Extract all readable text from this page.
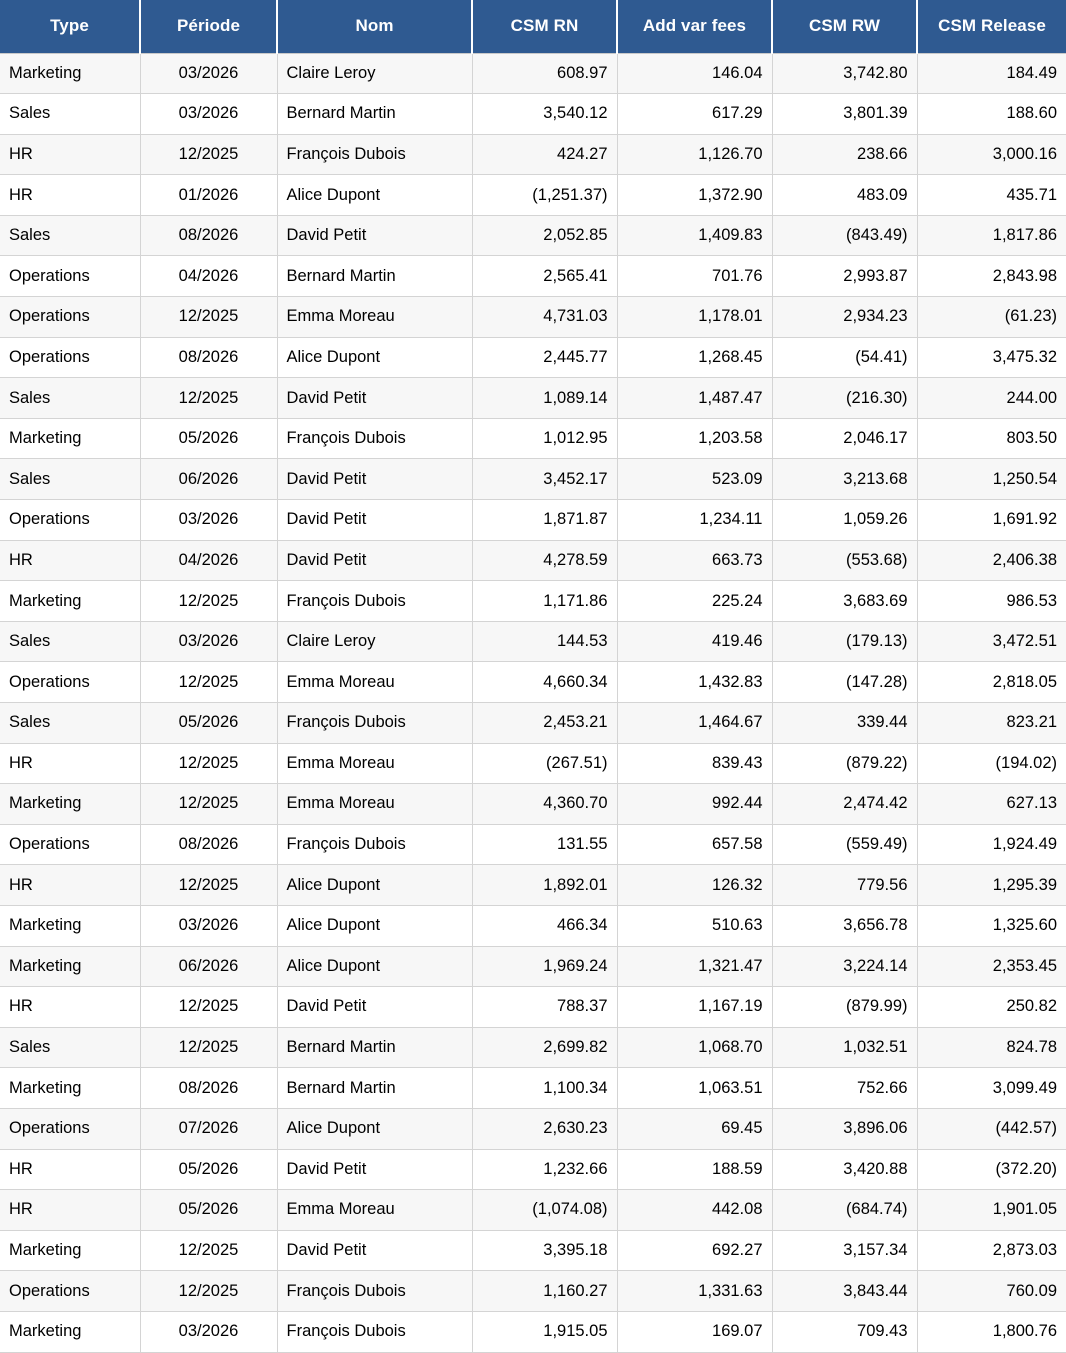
Type	Période	Nom	CSM RN	Add var fees	CSM RW	CSM Release
Marketing	03/2026	Claire Leroy	608.97	146.04	3,742.80	184.49
Sales	03/2026	Bernard Martin	3,540.12	617.29	3,801.39	188.60
HR	12/2025	François Dubois	424.27	1,126.70	238.66	3,000.16
HR	01/2026	Alice Dupont	(1,251.37)	1,372.90	483.09	435.71
Sales	08/2026	David Petit	2,052.85	1,409.83	(843.49)	1,817.86
Operations	04/2026	Bernard Martin	2,565.41	701.76	2,993.87	2,843.98
Operations	12/2025	Emma Moreau	4,731.03	1,178.01	2,934.23	(61.23)
Operations	08/2026	Alice Dupont	2,445.77	1,268.45	(54.41)	3,475.32
Sales	12/2025	David Petit	1,089.14	1,487.47	(216.30)	244.00
Marketing	05/2026	François Dubois	1,012.95	1,203.58	2,046.17	803.50
Sales	06/2026	David Petit	3,452.17	523.09	3,213.68	1,250.54
Operations	03/2026	David Petit	1,871.87	1,234.11	1,059.26	1,691.92
HR	04/2026	David Petit	4,278.59	663.73	(553.68)	2,406.38
Marketing	12/2025	François Dubois	1,171.86	225.24	3,683.69	986.53
Sales	03/2026	Claire Leroy	144.53	419.46	(179.13)	3,472.51
Operations	12/2025	Emma Moreau	4,660.34	1,432.83	(147.28)	2,818.05
Sales	05/2026	François Dubois	2,453.21	1,464.67	339.44	823.21
HR	12/2025	Emma Moreau	(267.51)	839.43	(879.22)	(194.02)
Marketing	12/2025	Emma Moreau	4,360.70	992.44	2,474.42	627.13
Operations	08/2026	François Dubois	131.55	657.58	(559.49)	1,924.49
HR	12/2025	Alice Dupont	1,892.01	126.32	779.56	1,295.39
Marketing	03/2026	Alice Dupont	466.34	510.63	3,656.78	1,325.60
Marketing	06/2026	Alice Dupont	1,969.24	1,321.47	3,224.14	2,353.45
HR	12/2025	David Petit	788.37	1,167.19	(879.99)	250.82
Sales	12/2025	Bernard Martin	2,699.82	1,068.70	1,032.51	824.78
Marketing	08/2026	Bernard Martin	1,100.34	1,063.51	752.66	3,099.49
Operations	07/2026	Alice Dupont	2,630.23	69.45	3,896.06	(442.57)
HR	05/2026	David Petit	1,232.66	188.59	3,420.88	(372.20)
HR	05/2026	Emma Moreau	(1,074.08)	442.08	(684.74)	1,901.05
Marketing	12/2025	David Petit	3,395.18	692.27	3,157.34	2,873.03
Operations	12/2025	François Dubois	1,160.27	1,331.63	3,843.44	760.09
Marketing	03/2026	François Dubois	1,915.05	169.07	709.43	1,800.76
